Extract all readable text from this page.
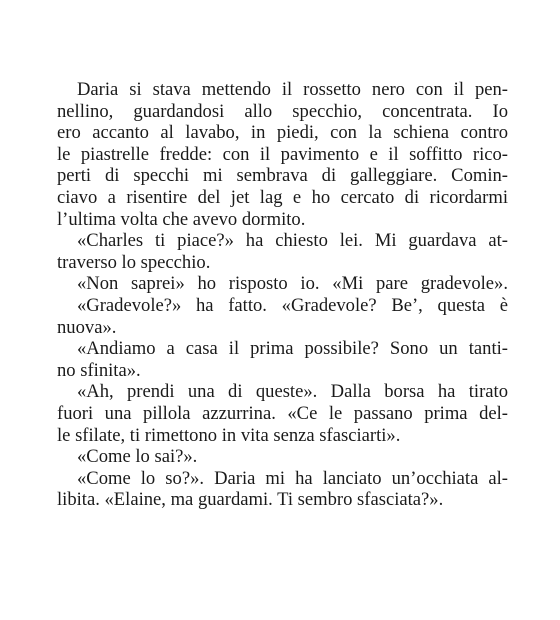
Daria si stava mettendo il rossetto nero con il pen-
nellino, guardandosi allo specchio, concentrata. Io
ero accanto al lavabo, in piedi, con la schiena contro
le piastrelle fredde: con il pavimento e il soffitto rico-
perti di specchi mi sembrava di galleggiare. Comin-
ciavo a risentire del jet lag e ho cercato di ricordarmi
l’ultima volta che avevo dormito.
«Charles ti piace?» ha chiesto lei. Mi guardava at-
traverso lo specchio.
«Non saprei» ho risposto io. «Mi pare gradevole».
«Gradevole?» ha fatto. «Gradevole? Be’, questa è
nuova».
«Andiamo a casa il prima possibile? Sono un tanti-
no sfinita».
«Ah, prendi una di queste». Dalla borsa ha tirato
fuori una pillola azzurrina. «Ce le passano prima del-
le sfilate, ti rimettono in vita senza sfasciarti».
«Come lo sai?».
«Come lo so?». Daria mi ha lanciato un’occhiata al-
libita. «Elaine, ma guardami. Ti sembro sfasciata?».
